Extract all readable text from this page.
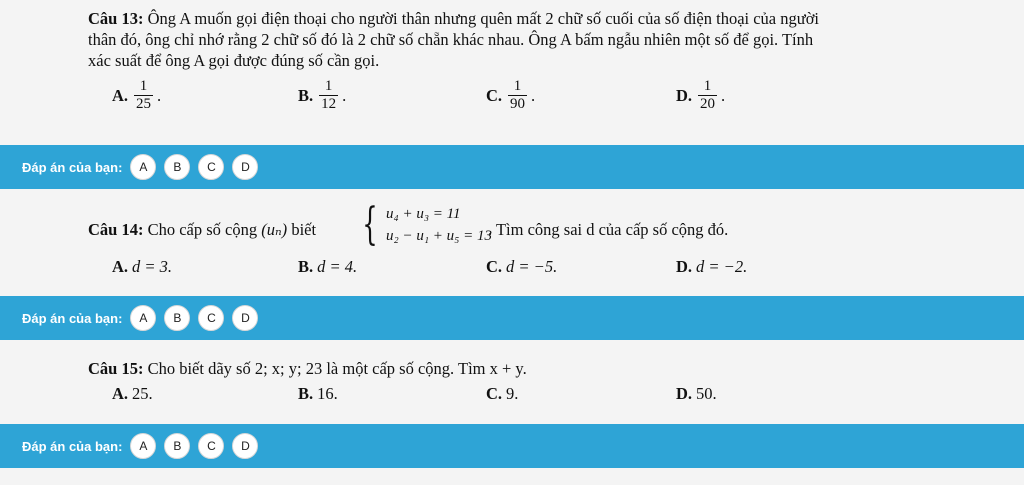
Câu 13: Ông A muốn gọi điện thoại cho người thân nhưng quên mất 2 chữ số cuối của số điện thoại của người
thân đó, ông chỉ nhớ rằng 2 chữ số đó là 2 chữ số chẵn khác nhau. Ông A bấm ngẫu nhiên một số để gọi. Tính
xác suất để ông A gọi được đúng số cần gọi.
A. $\frac{1}{25}$ .	B. $\frac{1}{12}$ .	C. $\frac{1}{90}$ .	D. $\frac{1}{20}$ .
Đáp án của bạn:	A	B	C	D
Câu 14: Cho cấp số cộng (uₙ) biết	{ u₄ + u₃ = 11
u₂ − u₁ + u₅ = 13
. Tìm công sai d của cấp số cộng đó.
A. d = 3.	B. d = 4.	C. d = −5.	D. d = −2.
Đáp án của bạn:	A	B	C	D
Câu 15: Cho biết dãy số 2; x; y; 23 là một cấp số cộng. Tìm x + y.
A. 25.	B. 16.	C. 9.	D. 50.
Đáp án của bạn:	A	B	C	D
